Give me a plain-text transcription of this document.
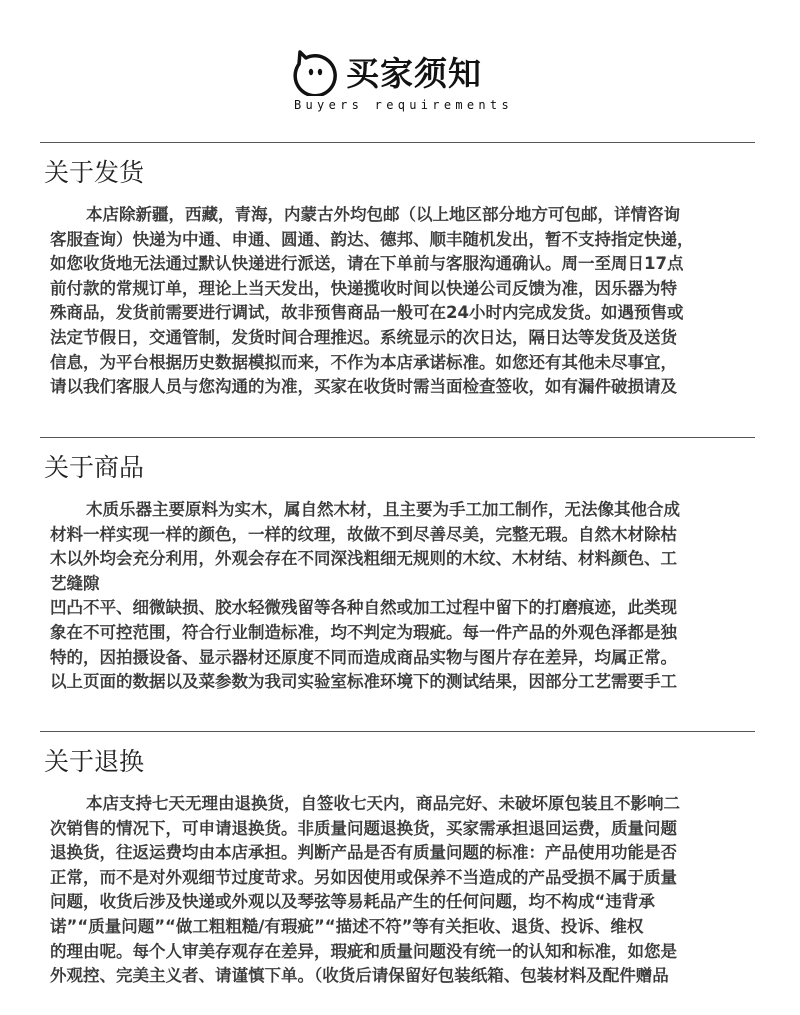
买家须知
Buyers requirements
关于发货
本店除新疆，西藏，青海，内蒙古外均包邮（以上地区部分地方可包邮，详情咨询
客服查询）快递为中通、申通、圆通、韵达、德邦、顺丰随机发出，暂不支持指定快递，
如您收货地无法通过默认快递进行派送，请在下单前与客服沟通确认。周一至周日17点
前付款的常规订单，理论上当天发出，快递揽收时间以快递公司反馈为准，因乐器为特
殊商品，发货前需要进行调试，故非预售商品一般可在24小时内完成发货。如遇预售或
法定节假日，交通管制，发货时间合理推迟。系统显示的次日达，隔日达等发货及送货
信息，为平台根据历史数据模拟而来，不作为本店承诺标准。如您还有其他未尽事宜，
请以我们客服人员与您沟通的为准，买家在收货时需当面检查签收，如有漏件破损请及
关于商品
木质乐器主要原料为实木，属自然木材，且主要为手工加工制作，无法像其他合成
材料一样实现一样的颜色，一样的纹理，故做不到尽善尽美，完整无瑕。自然木材除枯
木以外均会充分利用，外观会存在不同深浅粗细无规则的木纹、木材结、材料颜色、工
艺缝隙
凹凸不平、细微缺损、胶水轻微残留等各种自然或加工过程中留下的打磨痕迹，此类现
象在不可控范围，符合行业制造标准，均不判定为瑕疵。每一件产品的外观色泽都是独
特的，因拍摄设备、显示器材还原度不同而造成商品实物与图片存在差异，均属正常。
以上页面的数据以及菜参数为我司实验室标准环境下的测试结果，因部分工艺需要手工
关于退换
本店支持七天无理由退换货，自签收七天内，商品完好、未破坏原包装且不影响二
次销售的情况下，可申请退换货。非质量问题退换货，买家需承担退回运费，质量问题
退换货，往返运费均由本店承担。判断产品是否有质量问题的标准：产品使用功能是否
正常，而不是对外观细节过度苛求。另如因使用或保养不当造成的产品受损不属于质量
问题，收货后涉及快递或外观以及琴弦等易耗品产生的任何问题，均不构成“违背承
诺”“质量问题”“做工粗粗糙/有瑕疵”“描述不符”等有关拒收、退货、投诉、维权
的理由呢。每个人审美存观存在差异，瑕疵和质量问题没有统一的认知和标准，如您是
外观控、完美主义者、请谨慎下单。（收货后请保留好包装纸箱、包装材料及配件赠品
